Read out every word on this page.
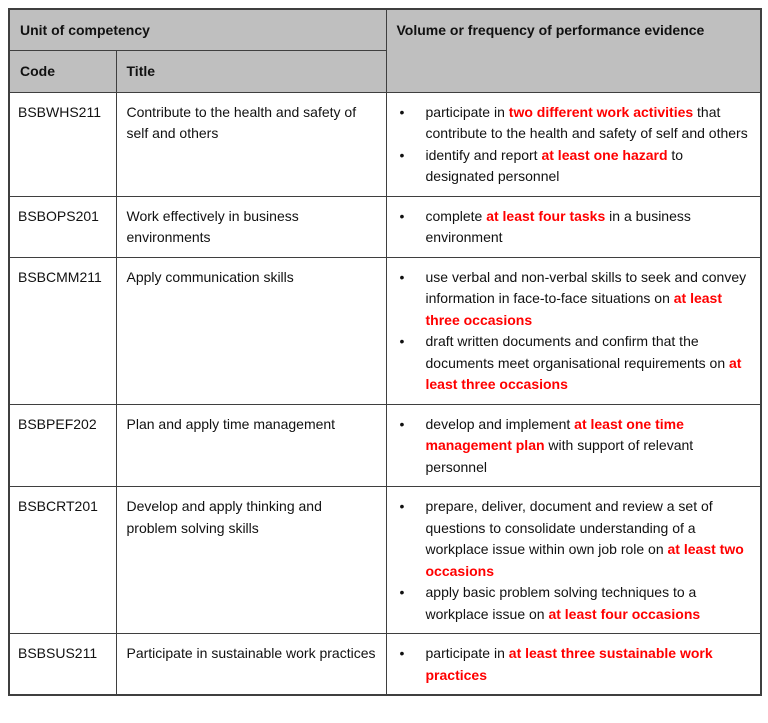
Unit of competency		Volume or frequency of performance evidence
Code	Title	
BSBWHS211	Contribute to the health and safety of self and others	
• participate in two different work activities that contribute to the health and safety of self and others
• identify and report at least one hazard to designated personnel

BSBOPS201	Work effectively in business environments	
• complete at least four tasks in a business environment

BSBCMM211	Apply communication skills	
•use verbal and non-verbal skills to seek and convey information in face-to-face situations on at least three occasions
• draft written documents and confirm that the documents meet organisational requirements on at least three occasions

BSBPEF202	Plan and apply time management	
•develop and implement at least one time management plan with support of relevant personnel

BSBCRT201	Develop and apply thinking and problem solving skills	
• prepare, deliver, document and review a set of questions to consolidate understanding of a workplace issue within own job role on at least two occasions
• apply basic problem solving techniques to a workplace issue on at least four occasions

BSBSUS211	Participate in sustainable work practices	
•participate in at least three sustainable work practices
